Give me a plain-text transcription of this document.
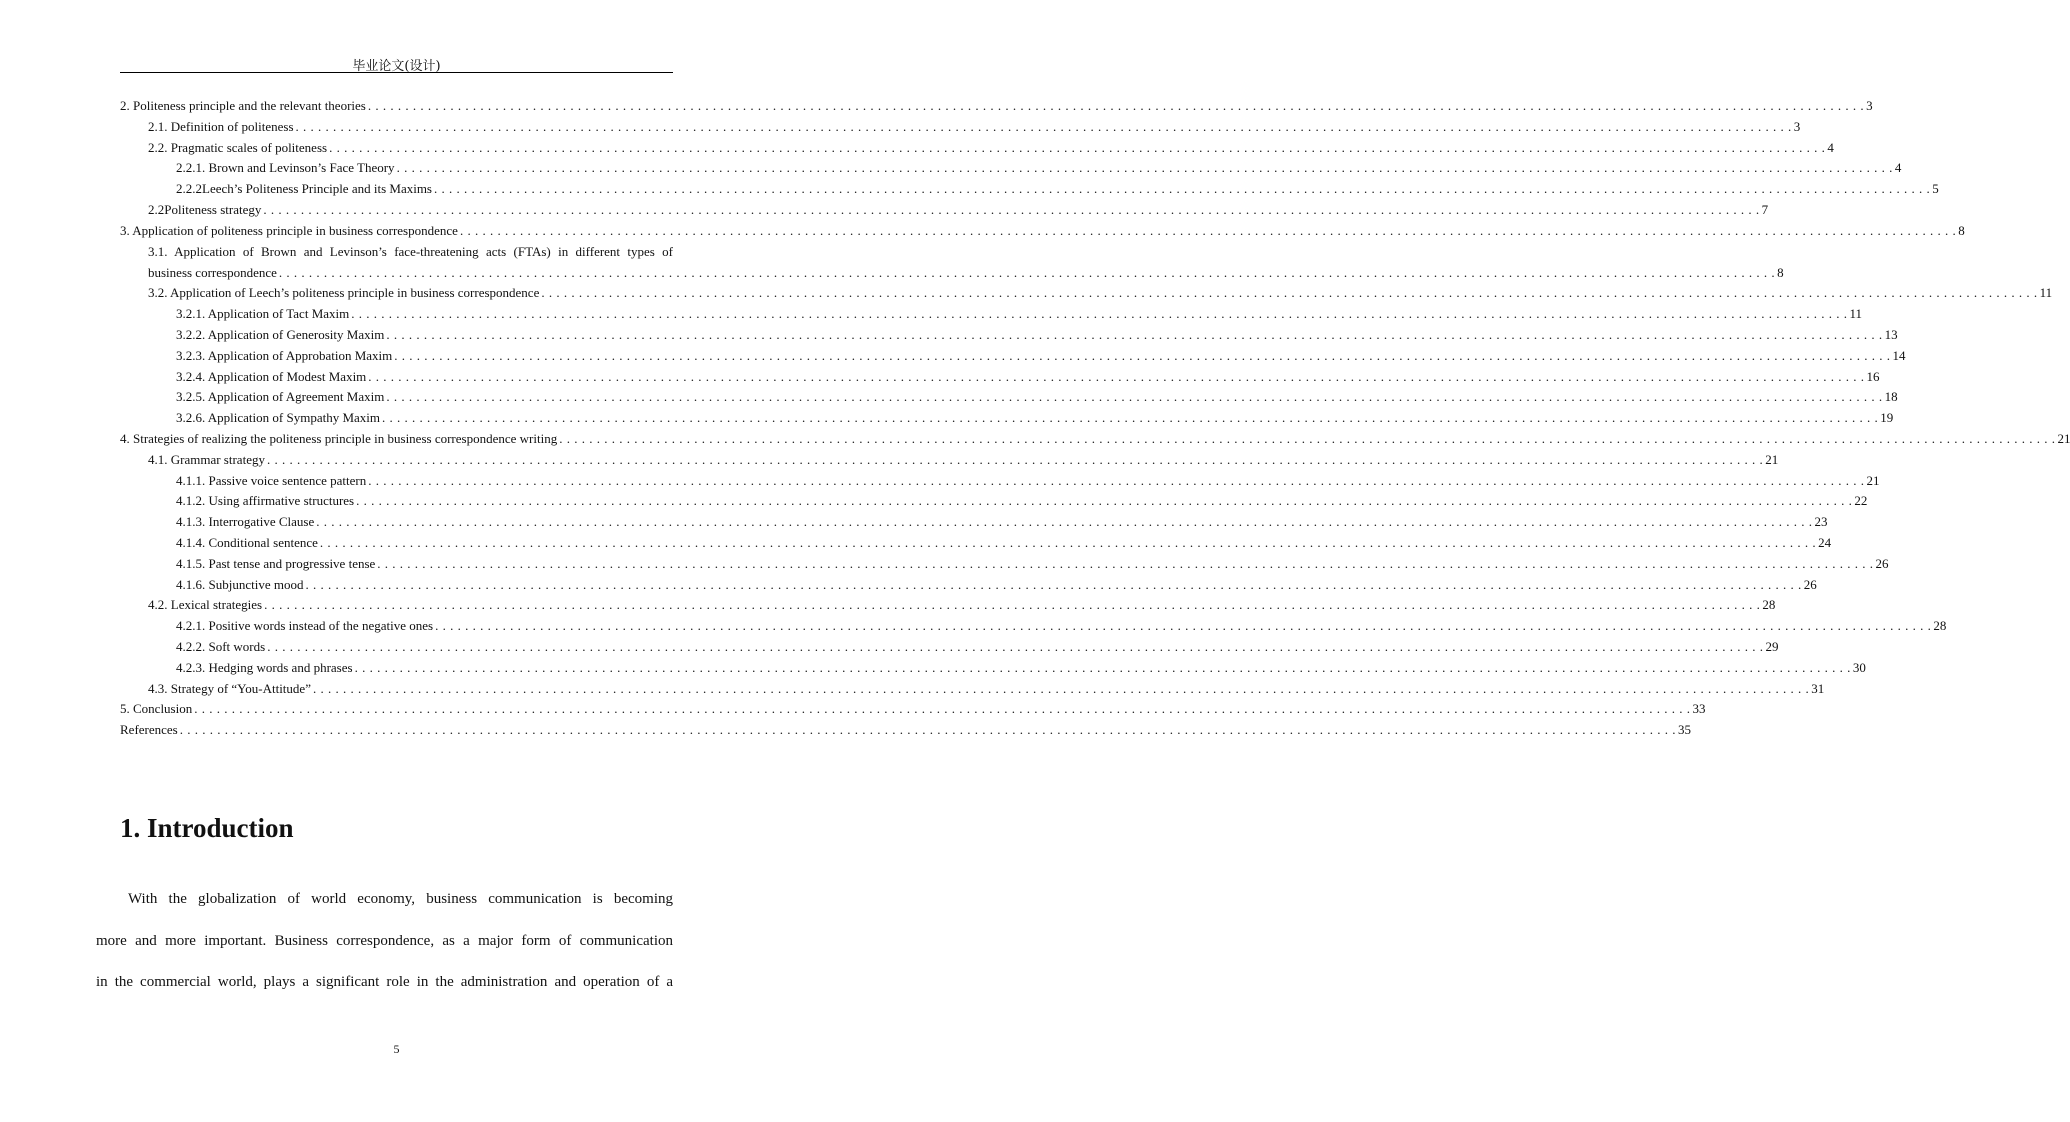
毕业论文(设计)
2. Politeness principle and the relevant theories . . . . . . . . . . . . . . . . . . . . . . . . . . . . . . . . . . . . . . . . . . . . . . . . . . . . . . . . . . . . . . . . . . . . . . . . . . . . . . . . . . . . . . . . . . . . . . . . . . . . . . . . . . . . . . . . . . . . . . . . . . . . . . . . . . . . . . . . . . . . . . . . . . . . . . . . . . . . . . . . . . . . . . . . . . . . . . . . . . . . . . . . . . . . . . . . . . . . . . . . 3
2.1. Definition of politeness . . . . . . . . . . . . . . . . . . . . . . . . . . . . . . . . . . . . . . . . . . . . . . . . . . . . . . . . . . . . . . . . . . . . . . . . . . . . . . . . . . . . . . . . . . . . . . . . . . . . . . . . . . . . . . . . . . . . . . . . . . . . . . . . . . . . . . . . . . . . . . . . . . . . . . . . . . . . . . . . . . . . . . . . . . . . . . . . . . . . . . . . . . . . . . . . . . . . . . . . 3
2.2. Pragmatic scales of politeness . . . . . . . . . . . . . . . . . . . . . . . . . . . . . . . . . . . . . . . . . . . . . . . . . . . . . . . . . . . . . . . . . . . . . . . . . . . . . . . . . . . . . . . . . . . . . . . . . . . . . . . . . . . . . . . . . . . . . . . . . . . . . . . . . . . . . . . . . . . . . . . . . . . . . . . . . . . . . . . . . . . . . . . . . . . . . . . . . . . . . . . . . . . . . . . . . . . . . . . . 4
2.2.1. Brown and Levinson’s Face Theory . . . . . . . . . . . . . . . . . . . . . . . . . . . . . . . . . . . . . . . . . . . . . . . . . . . . . . . . . . . . . . . . . . . . . . . . . . . . . . . . . . . . . . . . . . . . . . . . . . . . . . . . . . . . . . . . . . . . . . . . . . . . . . . . . . . . . . . . . . . . . . . . . . . . . . . . . . . . . . . . . . . . . . . . . . . . . . . . . . . . . . . . . . . . . . . . . . . . . . . . 4
2.2.2Leech’s Politeness Principle and its Maxims . . . . . . . . . . . . . . . . . . . . . . . . . . . . . . . . . . . . . . . . . . . . . . . . . . . . . . . . . . . . . . . . . . . . . . . . . . . . . . . . . . . . . . . . . . . . . . . . . . . . . . . . . . . . . . . . . . . . . . . . . . . . . . . . . . . . . . . . . . . . . . . . . . . . . . . . . . . . . . . . . . . . . . . . . . . . . . . . . . . . . . . . . . . . . . . . . . . . . . . . 5
2.2Politeness strategy . . . . . . . . . . . . . . . . . . . . . . . . . . . . . . . . . . . . . . . . . . . . . . . . . . . . . . . . . . . . . . . . . . . . . . . . . . . . . . . . . . . . . . . . . . . . . . . . . . . . . . . . . . . . . . . . . . . . . . . . . . . . . . . . . . . . . . . . . . . . . . . . . . . . . . . . . . . . . . . . . . . . . . . . . . . . . . . . . . . . . . . . . . . . . . . . . . . . . . . . 7
3. Application of politeness principle in business correspondence . . . . . . . . . . . . . . . . . . . . . . . . . . . . . . . . . . . . . . . . . . . . . . . . . . . . . . . . . . . . . . . . . . . . . . . . . . . . . . . . . . . . . . . . . . . . . . . . . . . . . . . . . . . . . . . . . . . . . . . . . . . . . . . . . . . . . . . . . . . . . . . . . . . . . . . . . . . . . . . . . . . . . . . . . . . . . . . . . . . . . . . . . . . . . . . . . . . . . . . . 8
3.1. Application of Brown and Levinson’s face-threatening acts (FTAs) in different types of
business correspondence . . . . . . . . . . . . . . . . . . . . . . . . . . . . . . . . . . . . . . . . . . . . . . . . . . . . . . . . . . . . . . . . . . . . . . . . . . . . . . . . . . . . . . . . . . . . . . . . . . . . . . . . . . . . . . . . . . . . . . . . . . . . . . . . . . . . . . . . . . . . . . . . . . . . . . . . . . . . . . . . . . . . . . . . . . . . . . . . . . . . . . . . . . . . . . . . . . . . . . . . 8
3.2. Application of Leech’s politeness principle in business correspondence . . . . . . . . . . . . . . . . . . . . . . . . . . . . . . . . . . . . . . . . . . . . . . . . . . . . . . . . . . . . . . . . . . . . . . . . . . . . . . . . . . . . . . . . . . . . . . . . . . . . . . . . . . . . . . . . . . . . . . . . . . . . . . . . . . . . . . . . . . . . . . . . . . . . . . . . . . . . . . . . . . . . . . . . . . . . . . . . . . . . . . . . . . . . . . . . . . . . . . . . 11
3.2.1. Application of Tact Maxim . . . . . . . . . . . . . . . . . . . . . . . . . . . . . . . . . . . . . . . . . . . . . . . . . . . . . . . . . . . . . . . . . . . . . . . . . . . . . . . . . . . . . . . . . . . . . . . . . . . . . . . . . . . . . . . . . . . . . . . . . . . . . . . . . . . . . . . . . . . . . . . . . . . . . . . . . . . . . . . . . . . . . . . . . . . . . . . . . . . . . . . . . . . . . . . . . . . . . . . . 11
3.2.2. Application of Generosity Maxim . . . . . . . . . . . . . . . . . . . . . . . . . . . . . . . . . . . . . . . . . . . . . . . . . . . . . . . . . . . . . . . . . . . . . . . . . . . . . . . . . . . . . . . . . . . . . . . . . . . . . . . . . . . . . . . . . . . . . . . . . . . . . . . . . . . . . . . . . . . . . . . . . . . . . . . . . . . . . . . . . . . . . . . . . . . . . . . . . . . . . . . . . . . . . . . . . . . . . . . . 13
3.2.3. Application of Approbation Maxim . . . . . . . . . . . . . . . . . . . . . . . . . . . . . . . . . . . . . . . . . . . . . . . . . . . . . . . . . . . . . . . . . . . . . . . . . . . . . . . . . . . . . . . . . . . . . . . . . . . . . . . . . . . . . . . . . . . . . . . . . . . . . . . . . . . . . . . . . . . . . . . . . . . . . . . . . . . . . . . . . . . . . . . . . . . . . . . . . . . . . . . . . . . . . . . . . . . . . . . . 14
3.2.4. Application of Modest Maxim . . . . . . . . . . . . . . . . . . . . . . . . . . . . . . . . . . . . . . . . . . . . . . . . . . . . . . . . . . . . . . . . . . . . . . . . . . . . . . . . . . . . . . . . . . . . . . . . . . . . . . . . . . . . . . . . . . . . . . . . . . . . . . . . . . . . . . . . . . . . . . . . . . . . . . . . . . . . . . . . . . . . . . . . . . . . . . . . . . . . . . . . . . . . . . . . . . . . . . . . 16
3.2.5. Application of Agreement Maxim . . . . . . . . . . . . . . . . . . . . . . . . . . . . . . . . . . . . . . . . . . . . . . . . . . . . . . . . . . . . . . . . . . . . . . . . . . . . . . . . . . . . . . . . . . . . . . . . . . . . . . . . . . . . . . . . . . . . . . . . . . . . . . . . . . . . . . . . . . . . . . . . . . . . . . . . . . . . . . . . . . . . . . . . . . . . . . . . . . . . . . . . . . . . . . . . . . . . . . . . 18
3.2.6. Application of Sympathy Maxim . . . . . . . . . . . . . . . . . . . . . . . . . . . . . . . . . . . . . . . . . . . . . . . . . . . . . . . . . . . . . . . . . . . . . . . . . . . . . . . . . . . . . . . . . . . . . . . . . . . . . . . . . . . . . . . . . . . . . . . . . . . . . . . . . . . . . . . . . . . . . . . . . . . . . . . . . . . . . . . . . . . . . . . . . . . . . . . . . . . . . . . . . . . . . . . . . . . . . . . . 19
4. Strategies of realizing the politeness principle in business correspondence writing . . . . . . . . . . . . . . . . . . . . . . . . . . . . . . . . . . . . . . . . . . . . . . . . . . . . . . . . . . . . . . . . . . . . . . . . . . . . . . . . . . . . . . . . . . . . . . . . . . . . . . . . . . . . . . . . . . . . . . . . . . . . . . . . . . . . . . . . . . . . . . . . . . . . . . . . . . . . . . . . . . . . . . . . . . . . . . . . . . . . . . . . . . . . . . . . . . . . . . . . 21
4.1. Grammar strategy . . . . . . . . . . . . . . . . . . . . . . . . . . . . . . . . . . . . . . . . . . . . . . . . . . . . . . . . . . . . . . . . . . . . . . . . . . . . . . . . . . . . . . . . . . . . . . . . . . . . . . . . . . . . . . . . . . . . . . . . . . . . . . . . . . . . . . . . . . . . . . . . . . . . . . . . . . . . . . . . . . . . . . . . . . . . . . . . . . . . . . . . . . . . . . . . . . . . . . . . 21
4.1.1. Passive voice sentence pattern . . . . . . . . . . . . . . . . . . . . . . . . . . . . . . . . . . . . . . . . . . . . . . . . . . . . . . . . . . . . . . . . . . . . . . . . . . . . . . . . . . . . . . . . . . . . . . . . . . . . . . . . . . . . . . . . . . . . . . . . . . . . . . . . . . . . . . . . . . . . . . . . . . . . . . . . . . . . . . . . . . . . . . . . . . . . . . . . . . . . . . . . . . . . . . . . . . . . . . . . 21
4.1.2. Using affirmative structures . . . . . . . . . . . . . . . . . . . . . . . . . . . . . . . . . . . . . . . . . . . . . . . . . . . . . . . . . . . . . . . . . . . . . . . . . . . . . . . . . . . . . . . . . . . . . . . . . . . . . . . . . . . . . . . . . . . . . . . . . . . . . . . . . . . . . . . . . . . . . . . . . . . . . . . . . . . . . . . . . . . . . . . . . . . . . . . . . . . . . . . . . . . . . . . . . . . . . . . . 22
4.1.3. Interrogative Clause . . . . . . . . . . . . . . . . . . . . . . . . . . . . . . . . . . . . . . . . . . . . . . . . . . . . . . . . . . . . . . . . . . . . . . . . . . . . . . . . . . . . . . . . . . . . . . . . . . . . . . . . . . . . . . . . . . . . . . . . . . . . . . . . . . . . . . . . . . . . . . . . . . . . . . . . . . . . . . . . . . . . . . . . . . . . . . . . . . . . . . . . . . . . . . . . . . . . . . . . 23
4.1.4. Conditional sentence . . . . . . . . . . . . . . . . . . . . . . . . . . . . . . . . . . . . . . . . . . . . . . . . . . . . . . . . . . . . . . . . . . . . . . . . . . . . . . . . . . . . . . . . . . . . . . . . . . . . . . . . . . . . . . . . . . . . . . . . . . . . . . . . . . . . . . . . . . . . . . . . . . . . . . . . . . . . . . . . . . . . . . . . . . . . . . . . . . . . . . . . . . . . . . . . . . . . . . . . 24
4.1.5. Past tense and progressive tense . . . . . . . . . . . . . . . . . . . . . . . . . . . . . . . . . . . . . . . . . . . . . . . . . . . . . . . . . . . . . . . . . . . . . . . . . . . . . . . . . . . . . . . . . . . . . . . . . . . . . . . . . . . . . . . . . . . . . . . . . . . . . . . . . . . . . . . . . . . . . . . . . . . . . . . . . . . . . . . . . . . . . . . . . . . . . . . . . . . . . . . . . . . . . . . . . . . . . . . . 26
4.1.6. Subjunctive mood . . . . . . . . . . . . . . . . . . . . . . . . . . . . . . . . . . . . . . . . . . . . . . . . . . . . . . . . . . . . . . . . . . . . . . . . . . . . . . . . . . . . . . . . . . . . . . . . . . . . . . . . . . . . . . . . . . . . . . . . . . . . . . . . . . . . . . . . . . . . . . . . . . . . . . . . . . . . . . . . . . . . . . . . . . . . . . . . . . . . . . . . . . . . . . . . . . . . . . . . 26
4.2. Lexical strategies . . . . . . . . . . . . . . . . . . . . . . . . . . . . . . . . . . . . . . . . . . . . . . . . . . . . . . . . . . . . . . . . . . . . . . . . . . . . . . . . . . . . . . . . . . . . . . . . . . . . . . . . . . . . . . . . . . . . . . . . . . . . . . . . . . . . . . . . . . . . . . . . . . . . . . . . . . . . . . . . . . . . . . . . . . . . . . . . . . . . . . . . . . . . . . . . . . . . . . . . 28
4.2.1. Positive words instead of the negative ones . . . . . . . . . . . . . . . . . . . . . . . . . . . . . . . . . . . . . . . . . . . . . . . . . . . . . . . . . . . . . . . . . . . . . . . . . . . . . . . . . . . . . . . . . . . . . . . . . . . . . . . . . . . . . . . . . . . . . . . . . . . . . . . . . . . . . . . . . . . . . . . . . . . . . . . . . . . . . . . . . . . . . . . . . . . . . . . . . . . . . . . . . . . . . . . . . . . . . . . . 28
4.2.2. Soft words . . . . . . . . . . . . . . . . . . . . . . . . . . . . . . . . . . . . . . . . . . . . . . . . . . . . . . . . . . . . . . . . . . . . . . . . . . . . . . . . . . . . . . . . . . . . . . . . . . . . . . . . . . . . . . . . . . . . . . . . . . . . . . . . . . . . . . . . . . . . . . . . . . . . . . . . . . . . . . . . . . . . . . . . . . . . . . . . . . . . . . . . . . . . . . . . . . . . . . . . 29
4.2.3. Hedging words and phrases . . . . . . . . . . . . . . . . . . . . . . . . . . . . . . . . . . . . . . . . . . . . . . . . . . . . . . . . . . . . . . . . . . . . . . . . . . . . . . . . . . . . . . . . . . . . . . . . . . . . . . . . . . . . . . . . . . . . . . . . . . . . . . . . . . . . . . . . . . . . . . . . . . . . . . . . . . . . . . . . . . . . . . . . . . . . . . . . . . . . . . . . . . . . . . . . . . . . . . . . 30
4.3. Strategy of “You-Attitude” . . . . . . . . . . . . . . . . . . . . . . . . . . . . . . . . . . . . . . . . . . . . . . . . . . . . . . . . . . . . . . . . . . . . . . . . . . . . . . . . . . . . . . . . . . . . . . . . . . . . . . . . . . . . . . . . . . . . . . . . . . . . . . . . . . . . . . . . . . . . . . . . . . . . . . . . . . . . . . . . . . . . . . . . . . . . . . . . . . . . . . . . . . . . . . . . . . . . . . . . 31
5. Conclusion . . . . . . . . . . . . . . . . . . . . . . . . . . . . . . . . . . . . . . . . . . . . . . . . . . . . . . . . . . . . . . . . . . . . . . . . . . . . . . . . . . . . . . . . . . . . . . . . . . . . . . . . . . . . . . . . . . . . . . . . . . . . . . . . . . . . . . . . . . . . . . . . . . . . . . . . . . . . . . . . . . . . . . . . . . . . . . . . . . . . . . . . . . . . . . . . . . . . . . . . 33
References . . . . . . . . . . . . . . . . . . . . . . . . . . . . . . . . . . . . . . . . . . . . . . . . . . . . . . . . . . . . . . . . . . . . . . . . . . . . . . . . . . . . . . . . . . . . . . . . . . . . . . . . . . . . . . . . . . . . . . . . . . . . . . . . . . . . . . . . . . . . . . . . . . . . . . . . . . . . . . . . . . . . . . . . . . . . . . . . . . . . . . . . . . . . . . . . . . . . . . . . 35
1. Introduction
With the globalization of world economy, business communication is becoming
more and more important. Business correspondence, as a major form of communication
in the commercial world, plays a significant role in the administration and operation of a
5
